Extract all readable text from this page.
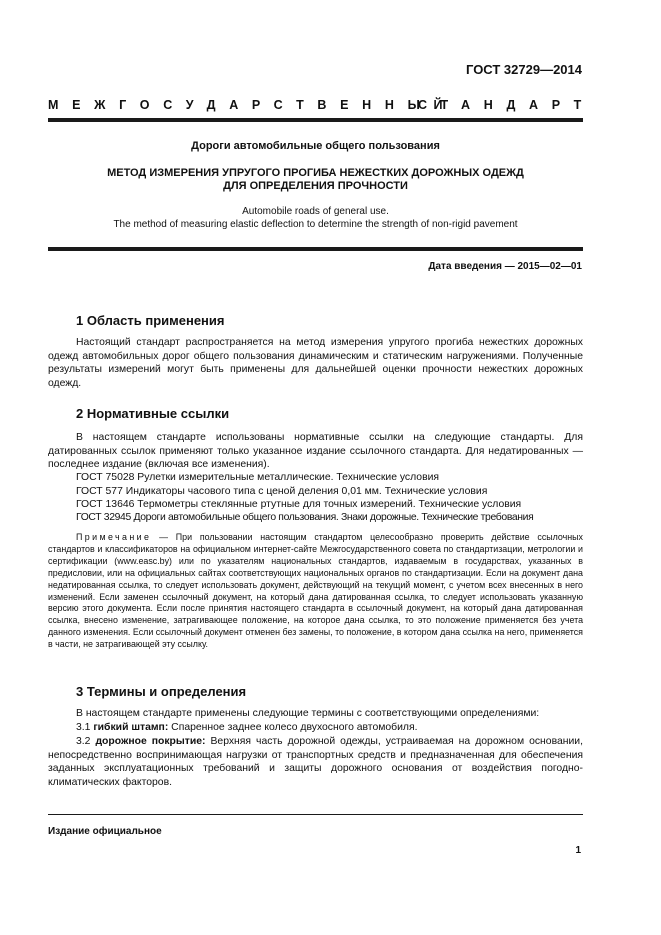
ГОСТ 32729—2014
МЕЖГОСУДАРСТВЕННЫЙ
СТАНДАРТ
Дороги автомобильные общего пользования
МЕТОД ИЗМЕРЕНИЯ УПРУГОГО ПРОГИБА НЕЖЕСТКИХ ДОРОЖНЫХ ОДЕЖД
ДЛЯ ОПРЕДЕЛЕНИЯ ПРОЧНОСТИ
Automobile roads of general use.
The method of measuring elastic deflection to determine the strength of non-rigid pavement
Дата введения — 2015—02—01
1 Область применения
Настоящий стандарт распространяется на метод измерения упругого прогиба нежестких дорожных одежд автомобильных дорог общего пользования динамическим и статическим нагружениями. Полученные результаты измерений могут быть применены для дальнейшей оценки прочности нежестких дорожных одежд.
2 Нормативные ссылки
В настоящем стандарте использованы нормативные ссылки на следующие стандарты. Для датированных ссылок применяют только указанное издание ссылочного стандарта. Для недатированных — последнее издание (включая все изменения).
ГОСТ 75028 Рулетки измерительные металлические. Технические условия
ГОСТ 577 Индикаторы часового типа с ценой деления 0,01 мм. Технические условия
ГОСТ 13646 Термометры стеклянные ртутные для точных измерений. Технические условия
ГОСТ 32945 Дороги автомобильные общего пользования. Знаки дорожные. Технические требования
Примечание — При пользовании настоящим стандартом целесообразно проверить действие ссылочных стандартов и классификаторов на официальном интернет-сайте Межгосударственного совета по стандартизации, метрологии и сертификации (www.easc.by) или по указателям национальных стандартов, издаваемым в государствах, указанных в предисловии, или на официальных сайтах соответствующих национальных органов по стандартизации. Если на документ дана недатированная ссылка, то следует использовать документ, действующий на текущий момент, с учетом всех внесенных в него изменений. Если заменен ссылочный документ, на который дана датированная ссылка, то следует использовать указанную версию этого документа. Если после принятия настоящего стандарта в ссылочный документ, на который дана датированная ссылка, внесено изменение, затрагивающее положение, на которое дана ссылка, то это положение применяется без учета данного изменения. Если ссылочный документ отменен без замены, то положение, в котором дана ссылка на него, применяется в части, не затрагивающей эту ссылку.
3 Термины и определения
В настоящем стандарте применены следующие термины с соответствующими определениями:
3.1 гибкий штамп: Спаренное заднее колесо двухосного автомобиля.
3.2 дорожное покрытие: Верхняя часть дорожной одежды, устраиваемая на дорожном основании, непосредственно воспринимающая нагрузки от транспортных средств и предназначенная для обеспечения заданных эксплуатационных требований и защиты дорожного основания от воздействия погодно-климатических факторов.
Издание официальное
1
